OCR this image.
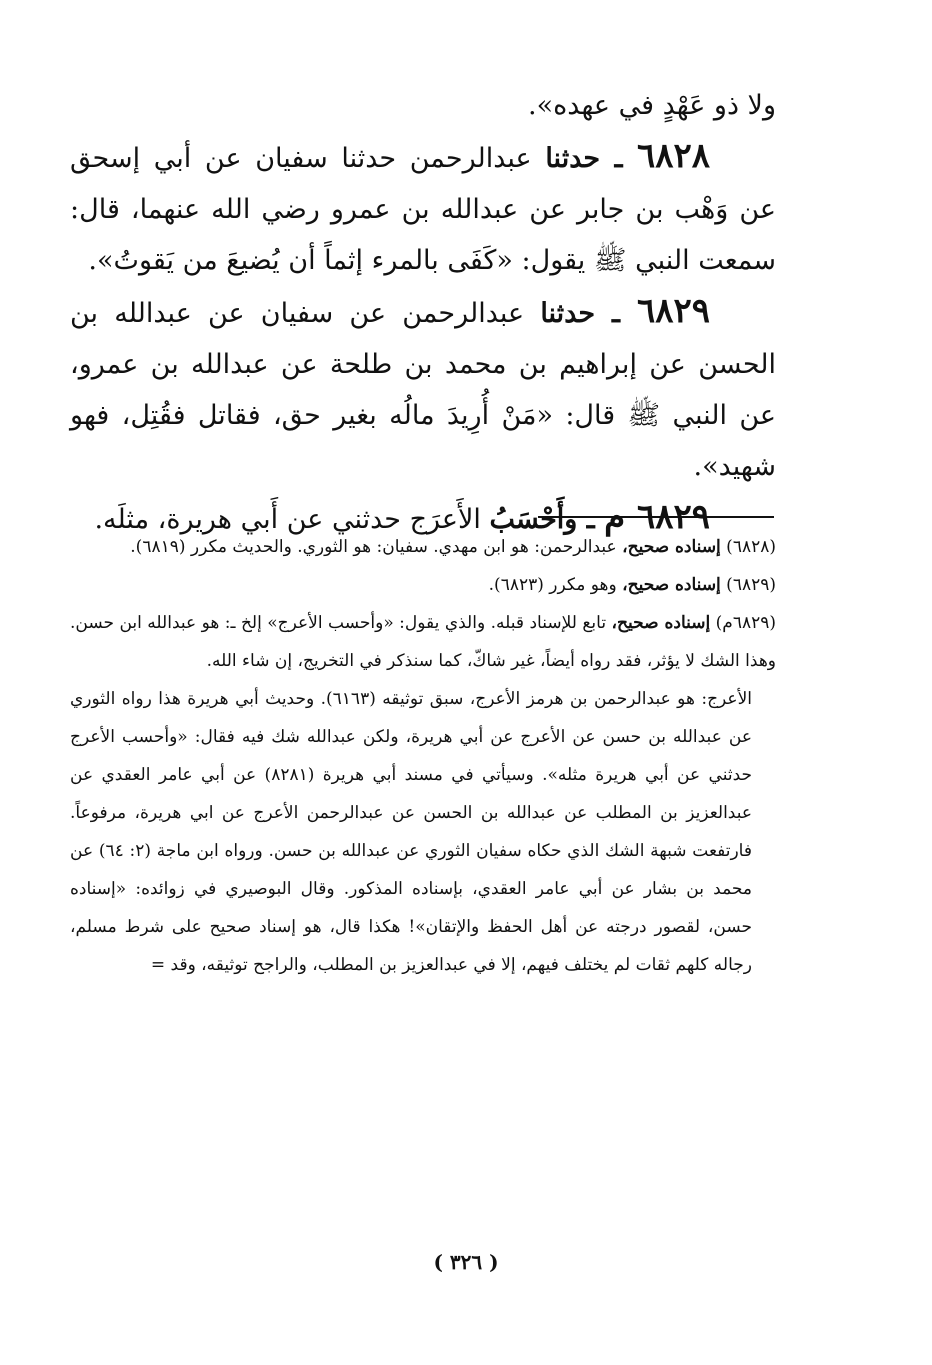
ولا ذو عَهْدٍ في عهده».

٦٨٢٨ ـ حدثنا عبدالرحمن حدثنا سفيان عن أبي إسحق عن وَهْب بن جابر عن عبدالله بن عمرو رضي الله عنهما، قال: سمعت النبي ﷺ يقول: «كَفَى بالمرء إثماً أن يُضيعَ من يَقوتُ».

٦٨٢٩ ـ حدثنا عبدالرحمن عن سفيان عن عبدالله بن الحسن عن إبراهيم بن محمد بن طلحة عن عبدالله بن عمرو، عن النبي ﷺ قال: «مَنْ أُرِيدَ مالُه بغير حق، فقاتل فقُتِل، فهو شهيد».

٦٨٢٩ م ـ وأَحْسَبُ الأَعرَج حدثني عن أَبي هريرة، مثلَه.

(٦٨٢٨) إسناده صحيح، عبدالرحمن: هو ابن مهدي. سفيان: هو الثوري. والحديث مكرر (٦٨١٩).

(٦٨٢٩) إسناده صحيح، وهو مكرر (٦٨٢٣).

(٦٨٢٩م) إسناده صحيح، تابع للإسناد قبله. والذي يقول: «وأحسب الأعرج» إلخ ـ: هو عبدالله ابن حسن. وهذا الشك لا يؤثر، فقد رواه أيضاً، غير شاكّ، كما سنذكر في التخريج، إن شاء الله.

الأعرج: هو عبدالرحمن بن هرمز الأعرج، سبق توثيقه (٦١٦٣). وحديث أبي هريرة هذا رواه الثوري عن عبدالله بن حسن عن الأعرج عن أبي هريرة، ولكن عبدالله شك فيه فقال: «وأحسب الأعرج حدثني عن أبي هريرة مثله». وسيأتي في مسند أبي هريرة (٨٢٨١) عن أبي عامر العقدي عن عبدالعزيز بن المطلب عن عبدالله بن الحسن عن عبدالرحمن الأعرج عن ابي هريرة، مرفوعاً. فارتفعت شبهة الشك الذي حكاه سفيان الثوري عن عبدالله بن حسن. ورواه ابن ماجة (٢: ٦٤) عن محمد بن بشار عن أبي عامر العقدي، بإسناده المذكور. وقال البوصيري في زوائده: «إسناده حسن، لقصور درجته عن أهل الحفظ والإتقان»! هكذا قال، هو إسناد صحيح على شرط مسلم، رجاله كلهم ثقات لم يختلف فيهم، إلا في عبدالعزيز بن المطلب، والراجح توثيقه، وقد =

( ٣٢٦ )
